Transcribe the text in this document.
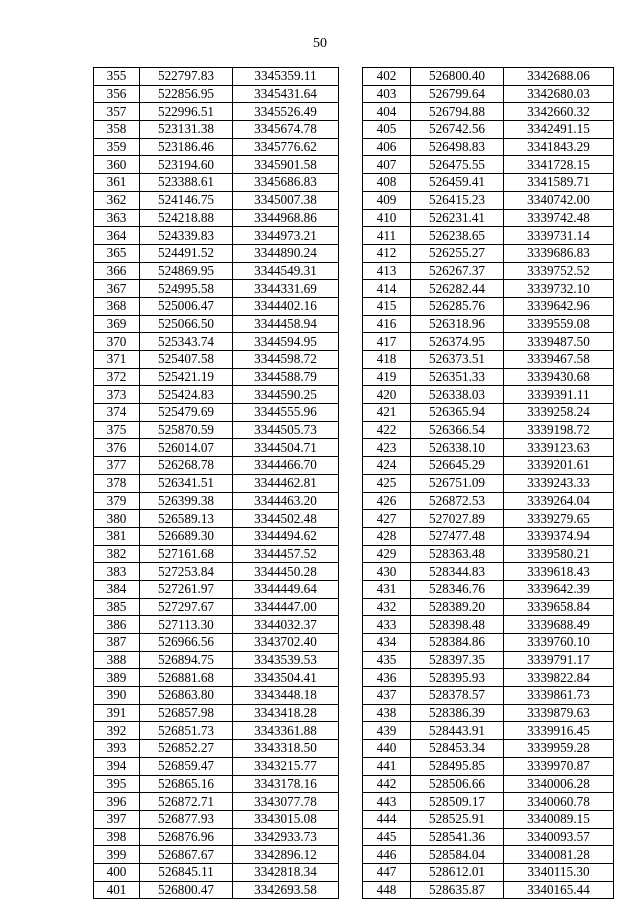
50
355	522797.83	3345359.11
356	522856.95	3345431.64
357	522996.51	3345526.49
358	523131.38	3345674.78
359	523186.46	3345776.62
360	523194.60	3345901.58
361	523388.61	3345686.83
362	524146.75	3345007.38
363	524218.88	3344968.86
364	524339.83	3344973.21
365	524491.52	3344890.24
366	524869.95	3344549.31
367	524995.58	3344331.69
368	525006.47	3344402.16
369	525066.50	3344458.94
370	525343.74	3344594.95
371	525407.58	3344598.72
372	525421.19	3344588.79
373	525424.83	3344590.25
374	525479.69	3344555.96
375	525870.59	3344505.73
376	526014.07	3344504.71
377	526268.78	3344466.70
378	526341.51	3344462.81
379	526399.38	3344463.20
380	526589.13	3344502.48
381	526689.30	3344494.62
382	527161.68	3344457.52
383	527253.84	3344450.28
384	527261.97	3344449.64
385	527297.67	3344447.00
386	527113.30	3344032.37
387	526966.56	3343702.40
388	526894.75	3343539.53
389	526881.68	3343504.41
390	526863.80	3343448.18
391	526857.98	3343418.28
392	526851.73	3343361.88
393	526852.27	3343318.50
394	526859.47	3343215.77
395	526865.16	3343178.16
396	526872.71	3343077.78
397	526877.93	3343015.08
398	526876.96	3342933.73
399	526867.67	3342896.12
400	526845.11	3342818.34
401	526800.47	3342693.58
402	526800.40	3342688.06
403	526799.64	3342680.03
404	526794.88	3342660.32
405	526742.56	3342491.15
406	526498.83	3341843.29
407	526475.55	3341728.15
408	526459.41	3341589.71
409	526415.23	3340742.00
410	526231.41	3339742.48
411	526238.65	3339731.14
412	526255.27	3339686.83
413	526267.37	3339752.52
414	526282.44	3339732.10
415	526285.76	3339642.96
416	526318.96	3339559.08
417	526374.95	3339487.50
418	526373.51	3339467.58
419	526351.33	3339430.68
420	526338.03	3339391.11
421	526365.94	3339258.24
422	526366.54	3339198.72
423	526338.10	3339123.63
424	526645.29	3339201.61
425	526751.09	3339243.33
426	526872.53	3339264.04
427	527027.89	3339279.65
428	527477.48	3339374.94
429	528363.48	3339580.21
430	528344.83	3339618.43
431	528346.76	3339642.39
432	528389.20	3339658.84
433	528398.48	3339688.49
434	528384.86	3339760.10
435	528397.35	3339791.17
436	528395.93	3339822.84
437	528378.57	3339861.73
438	528386.39	3339879.63
439	528443.91	3339916.45
440	528453.34	3339959.28
441	528495.85	3339970.87
442	528506.66	3340006.28
443	528509.17	3340060.78
444	528525.91	3340089.15
445	528541.36	3340093.57
446	528584.04	3340081.28
447	528612.01	3340115.30
448	528635.87	3340165.44
